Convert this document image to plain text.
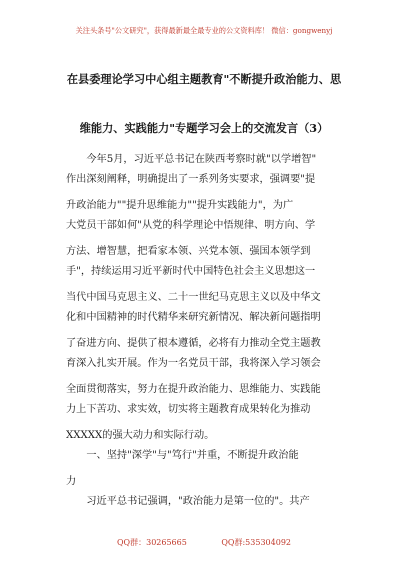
关注头条号"公文研究"，获得最新最全最专业的公文资料库！ 微信：gongwenyj
在县委理论学习中心组主题教育"不断提升政治能力、思
维能力、实践能力"专题学习会上的交流发言（3）
　　今年5月，习近平总书记在陕西考察时就"以学增智"
作出深刻阐释，明确提出了一系列务实要求，强调要"提
升政治能力""提升思维能力""提升实践能力"，为广
大党员干部如何"从党的科学理论中悟规律、明方向、学
方法、增智慧，把看家本领、兴党本领、强国本领学到
手"，持续运用习近平新时代中国特色社会主义思想这一
当代中国马克思主义、二十一世纪马克思主义以及中华文
化和中国精神的时代精华来研究新情况、解决新问题指明
了奋进方向、提供了根本遵循，必将有力推动全党主题教
育深入扎实开展。作为一名党员干部，我将深入学习领会
全面贯彻落实，努力在提升政治能力、思维能力、实践能
力上下苦功、求实效，切实将主题教育成果转化为推动
XXXXX的强大动力和实际行动。
　　一、坚持"深学"与"笃行"并重，不断提升政治能
力
　　习近平总书记强调，"政治能力是第一位的"。共产
QQ群：30265665	QQ群:535304092
